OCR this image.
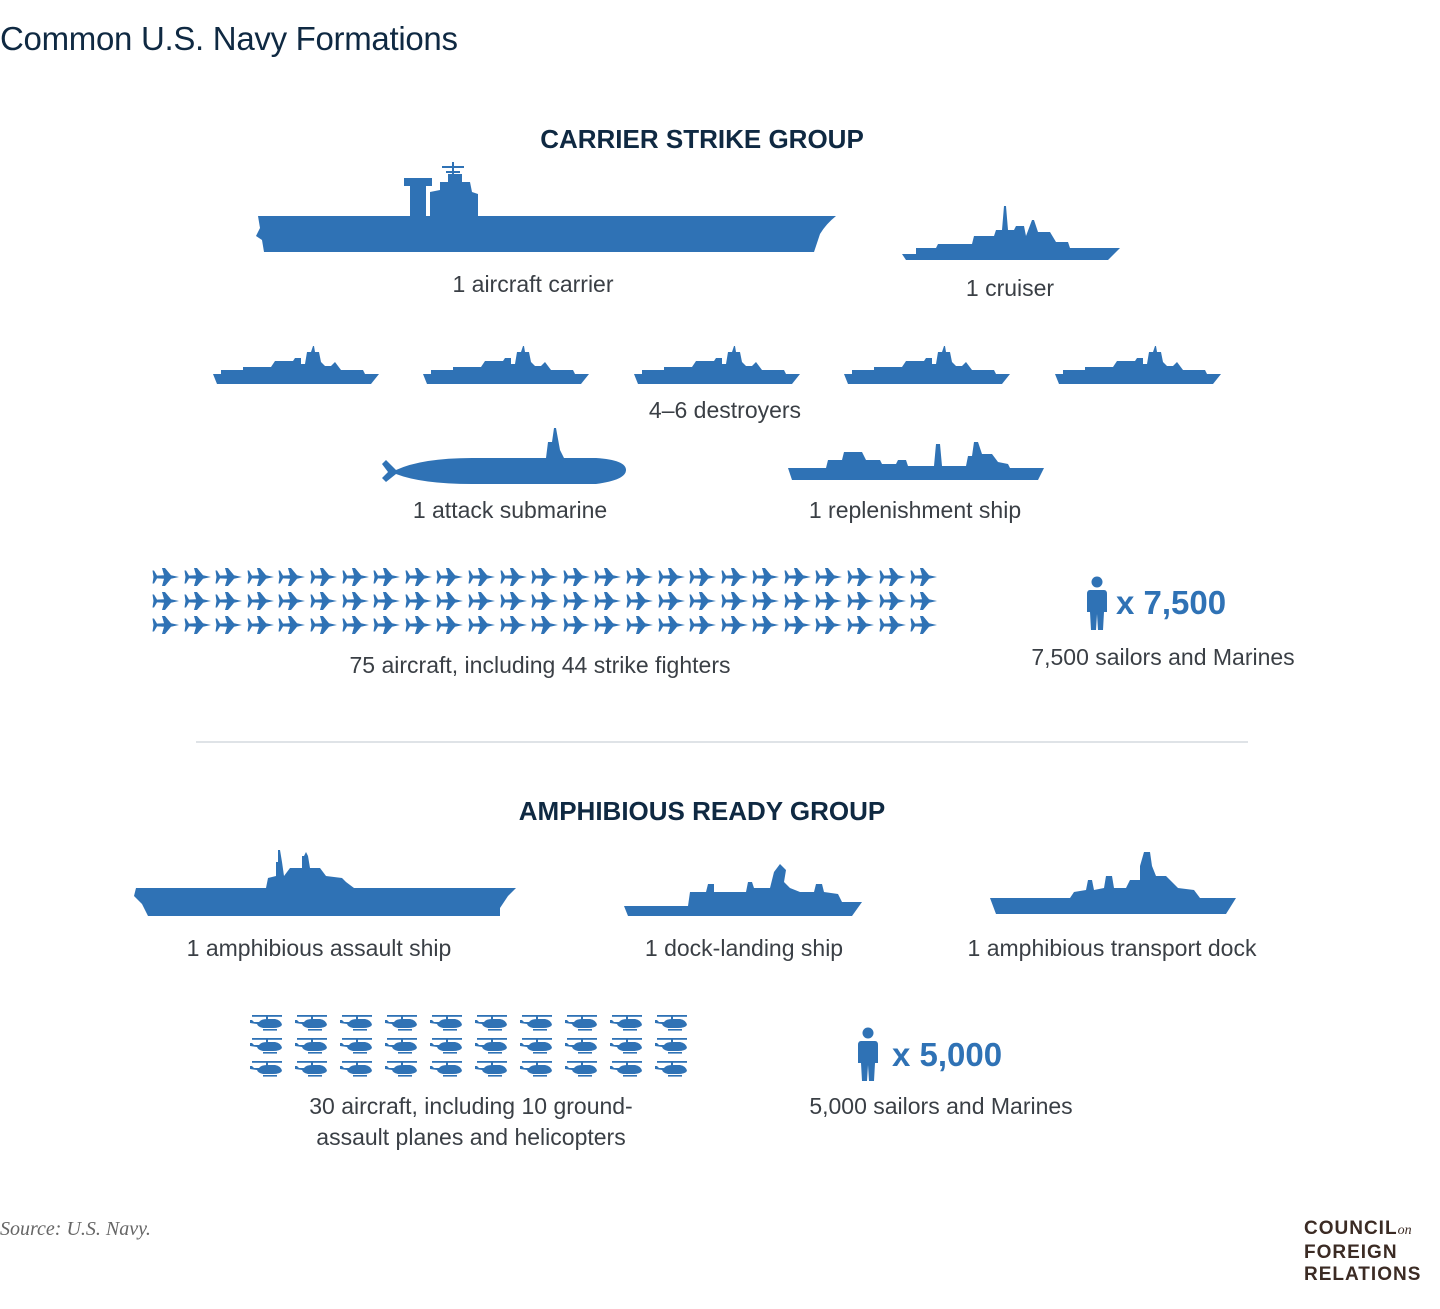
Common U.S. Navy Formations
CARRIER STRIKE GROUP
1 aircraft carrier	1 cruiser
4–6 destroyers
1 attack submarine	1 replenishment ship
75 aircraft, including 44 strike fighters
x 7,500
7,500 sailors and Marines
AMPHIBIOUS READY GROUP
1 amphibious assault ship	1 dock-landing ship	1 amphibious transport dock
30 aircraft, including 10 ground-assault planes and helicopters
x 5,000
5,000 sailors and Marines
Source: U.S. Navy.	COUNCILon
FOREIGN
RELATIONS
